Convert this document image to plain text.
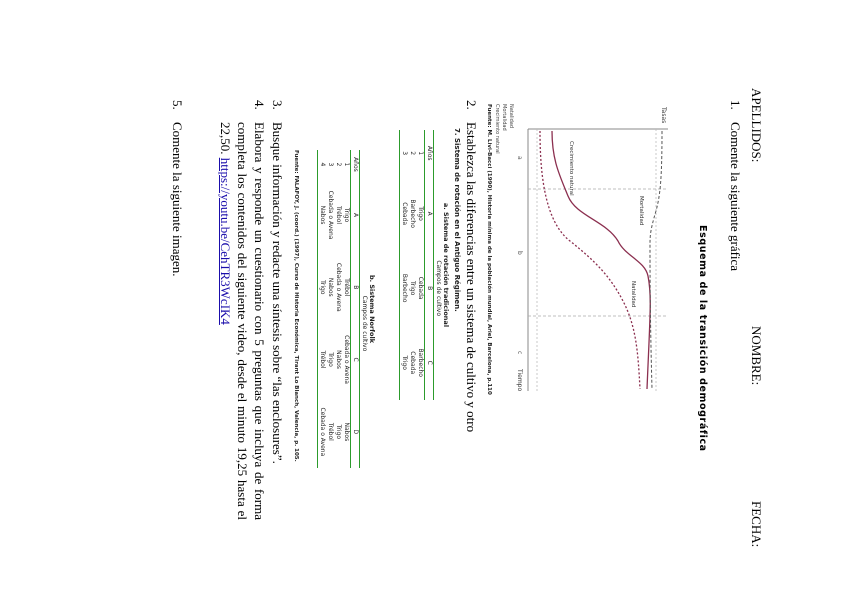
APELLIDOS:
NOMBRE:
FECHA:
1.
Comente la siguiente gráfica
Esquema de la transición demográfica
Tasas
Tiempo
a
b
c
Crecimiento natural
Mortalidad
Natalidad
Natalidad
Mortalidad
Crecimiento natural
Fuente: M. Livi-Bacci (1990), Historia mínima de la población mundial, Ariel, Barcelona, p.110
2.
Establezca las diferencias entre un sistema de cultivo y otro
7. Sistema de rotación en el Antiguo Régimen.
a. Sistema de rotación tradicional			
	Campos de cultivo		
Años	A	B	C
1	Trigo	Cebada	Barbecho
2	Barbecho	Trigo	Cebada
3	Cebada	Barbecho	Trigo
b. Sistema Norfolk				
	Campos de cultivo			
Años	A	B	C	D
1	Trigo	Trébol	Cebada o Avena	Nabos
2	Trébol	Cebada o Avena	Nabos	Trigo
3	Cebada o Avena	Nabos	Trigo	Trébol
4	Nabos	Trigo	Trébol	Cebada o Avena
Fuente: FALAFOY, J. (coord.) (1997), Curso de Historia Económica, Tirant Lo Blanch, Valencia, p. 105.
3.
Busque información y redacte una síntesis sobre “las enclosures”.
4.
Elabora y responde un cuestionario con 5 preguntas que incluya de forma completa los contenidos del siguiente video, desde el minuto 19,25 hasta el 22,50. https://youtu.be/CehTR3WcIK4
5.
Comente la siguiente imagen.
